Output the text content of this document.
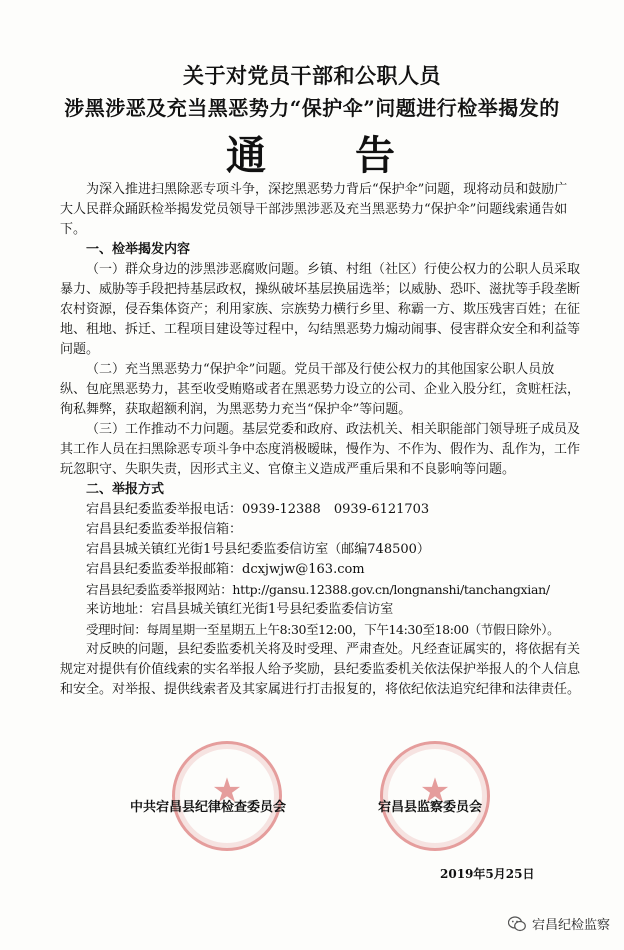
关于对党员干部和公职人员
涉黑涉恶及充当黑恶势力“保护伞”问题进行检举揭发的
通　　告

为深入推进扫黑除恶专项斗争，深挖黑恶势力背后“保护伞”问题，现将动员和鼓励广大人民群众踊跃检举揭发党员领导干部涉黑涉恶及充当黑恶势力“保护伞”问题线索通告如下。

一、检举揭发内容

（一）群众身边的涉黑涉恶腐败问题。乡镇、村组（社区）行使公权力的公职人员采取暴力、威胁等手段把持基层政权，操纵破坏基层换届选举；以威胁、恐吓、滋扰等手段垄断农村资源，侵吞集体资产；利用家族、宗族势力横行乡里、称霸一方、欺压残害百姓；在征地、租地、拆迁、工程项目建设等过程中，勾结黑恶势力煽动闹事、侵害群众安全和利益等问题。

（二）充当黑恶势力“保护伞”问题。党员干部及行使公权力的其他国家公职人员放纵、包庇黑恶势力，甚至收受贿赂或者在黑恶势力设立的公司、企业入股分红，贪赃枉法，徇私舞弊，获取超额利润，为黑恶势力充当“保护伞”等问题。

（三）工作推动不力问题。基层党委和政府、政法机关、相关职能部门领导班子成员及其工作人员在扫黑除恶专项斗争中态度消极暧昧，慢作为、不作为、假作为、乱作为，工作玩忽职守、失职失责，因形式主义、官僚主义造成严重后果和不良影响等问题。

二、举报方式

宕昌县纪委监委举报电话：0939-12388　0939-6121703

宕昌县纪委监委举报信箱：

宕昌县城关镇红光街1号县纪委监委信访室（邮编748500）

宕昌县纪委监委举报邮箱：dcxjwjw@163.com

宕昌县纪委监委举报网站：http://gansu.12388.gov.cn/longnanshi/tanchangxian/

来访地址：宕昌县城关镇红光街1号县纪委监委信访室

受理时间：每周星期一至星期五上午8:30至12:00，下午14:30至18:00（节假日除外）。

对反映的问题，县纪委监委机关将及时受理、严肃查处。凡经查证属实的，将依据有关规定对提供有价值线索的实名举报人给予奖励，县纪委监委机关依法保护举报人的个人信息和安全。对举报、提供线索者及其家属进行打击报复的，将依纪依法追究纪律和法律责任。

★	★
中共宕昌县纪律检查委员会	宕昌县监察委员会
2019年5月25日
宕昌纪检监察
